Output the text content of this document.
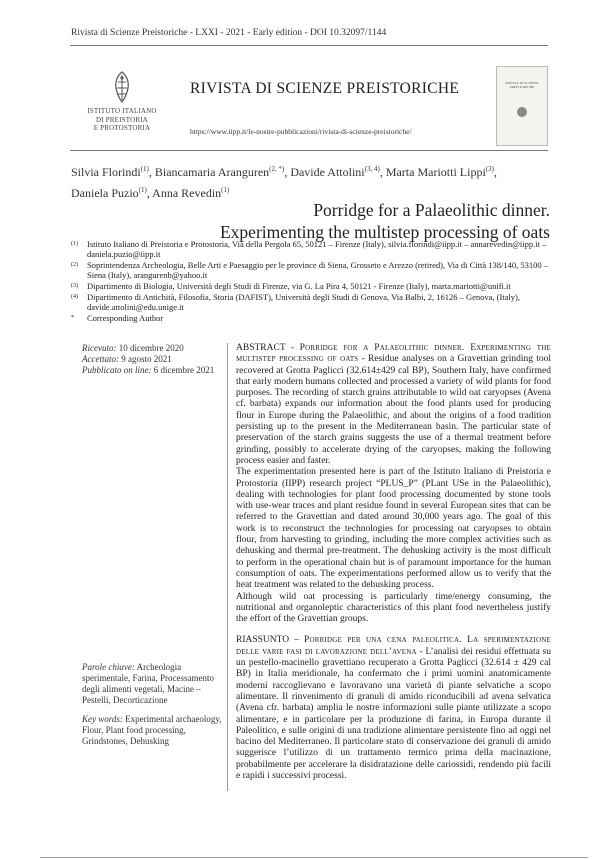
Rivista di Scienze Preistoriche - LXXI - 2021 - Early edition - DOI 10.32097/1144
ISTITUTO ITALIANO
DI PREISTORIA
E PROTOSTORIA
RIVISTA DI SCIENZE PREISTORICHE
https://www.iipp.it/le-nostre-pubblicazioni/rivista-di-scienze-preistoriche/
RIVISTA DI SCIENZE PREISTORICHE
Silvia Florindi$^{(1)}$, Biancamaria Aranguren$^{(2, *)}$, Davide Attolini$^{(3, 4)}$, Marta Mariotti Lippi$^{(3)}$,
Daniela Puzio$^{(1)}$, Anna Revedin$^{(1)}$
Porridge for a Palaeolithic dinner.
Experimenting the multistep processing of oats
(1) Istituto Italiano di Preistoria e Protostoria, Via della Pergola 65, 50121 – Firenze (Italy), silvia.florindi@iipp.it – annarevedin@iipp.it – daniela.puzio@iipp.it
(2) Soprintendenza Archeologia, Belle Arti e Paesaggio per le province di Siena, Grosseto e Arezzo (retired), Via di Città 138/140, 53100 – Siena (Italy), arangurenb@yahoo.it
(3) Dipartimento di Biologia, Università degli Studi di Firenze, via G. La Pira 4, 50121 - Firenze (Italy), marta.mariotti@unifi.it
(4) Dipartimento di Antichità, Filosofia, Storia (DAFIST), Università degli Studi di Genova, Via Balbi, 2, 16126 – Genova, (Italy), davide.attolini@edu.unige.it
* Corresponding Author
Ricevuto: 10 dicembre 2020
Accettato: 9 agosto 2021
Pubblicato on line: 6 dicembre 2021
Parole chiave: Archeologia sperimentale, Farina, Processamento degli alimenti vegetali, Macine – Pestelli, Decorticazione
Key words: Experimental archaeology, Flour, Plant food processing, Grindstones, Dehusking

ABSTRACT - Porridge for a Palaeolithic dinner. Experimenting the multistep processing of oats - Residue analyses on a Gravettian grinding tool recovered at Grotta Paglicci (32.614±429 cal BP), Southern Italy, have confirmed that early modern humans collected and processed a variety of wild plants for food purposes. The recording of starch grains attributable to wild oat caryopses (Avena cf. barbata) expands our information about the food plants used for producing flour in Europe during the Palaeolithic, and about the origins of a food tradition persisting up to the present in the Mediterranean basin. The particular state of preservation of the starch grains suggests the use of a thermal treatment before grinding, possibly to accelerate drying of the caryopses, making the following process easier and faster.

The experimentation presented here is part of the Istituto Italiano di Preistoria e Protostoria (IIPP) research project “PLUS_P” (PLant USe in the Palaeolithic), dealing with technologies for plant food processing documented by stone tools with use-wear traces and plant residue found in several European sites that can be referred to the Gravettian and dated around 30,000 years ago. The goal of this work is to reconstruct the technologies for processing oat caryopses to obtain flour, from harvesting to grinding, including the more complex activities such as dehusking and thermal pre-treatment. The dehusking activity is the most difficult to perform in the operational chain but is of paramount importance for the human consumption of oats. The experimentations performed allow us to verify that the heat treatment was related to the dehusking process.

Although wild oat processing is particularly time/energy consuming, the nutritional and organoleptic characteristics of this plant food nevertheless justify the effort of the Gravettian groups.

RIASSUNTO – Porridge per una cena paleolitica. La sperimentazione delle varie fasi di lavorazione dell’avena - L’analisi dei residui effettuata su un pestello-macinello gravettiano recuperato a Grotta Paglicci (32.614 ± 429 cal BP) in Italia meridionale, ha confermato che i primi uomini anatomicamente moderni raccoglievano e lavoravano una varietà di piante selvatiche a scopo alimentare. Il rinvenimento di granuli di amido riconducibili ad avena selvatica (Avena cfr. barbata) amplia le nostre informazioni sulle piante utilizzate a scopo alimentare, e in particolare per la produzione di farina, in Europa durante il Paleolitico, e sulle origini di una tradizione alimentare persistente fino ad oggi nel bacino del Mediterraneo. Il particolare stato di conservazione dei granuli di amido suggerisce l’utilizzo di un trattamento termico prima della macinazione, probabilmente per accelerare la disidratazione delle cariossidi, rendendo più facili e rapidi i successivi processi.
